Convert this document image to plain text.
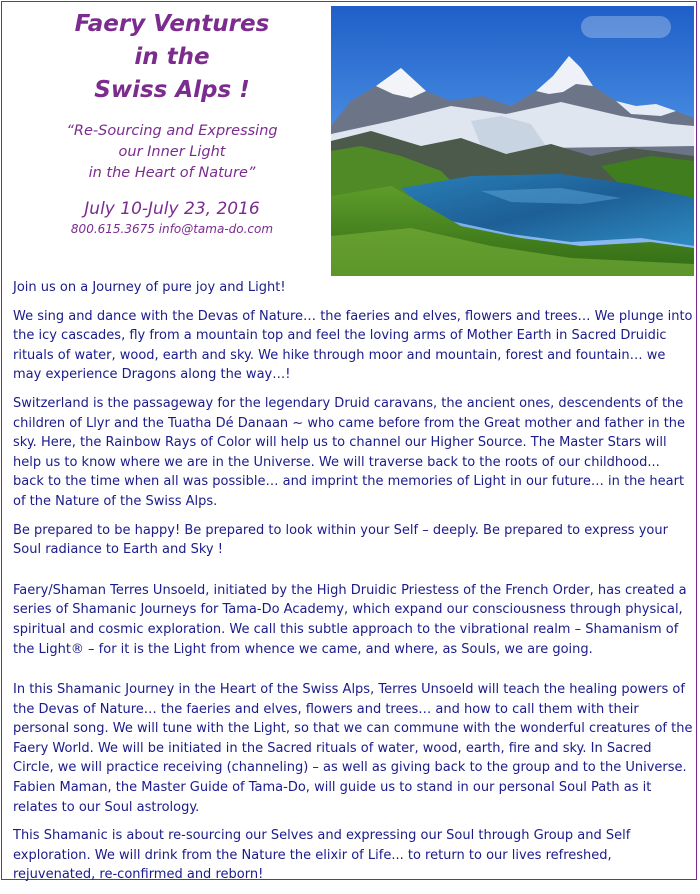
Faery Ventures
in the
Swiss Alps !
“Re-Sourcing and Expressing
our Inner Light
in the Heart of Nature”
July 10-July 23, 2016
800.615.3675 info@tama-do.com

Join us on a Journey of pure joy and Light!

We sing and dance with the Devas of Nature… the faeries and elves, flowers and trees… We plunge into the icy cascades, fly from a mountain top and feel the loving arms of Mother Earth in Sacred Druidic rituals of water, wood, earth and sky. We hike through moor and mountain, forest and fountain… we may experience Dragons along the way…!

Switzerland is the passageway for the legendary Druid caravans, the ancient ones, descendents of the children of Llyr and the Tuatha Dé Danaan ~ who came before from the Great mother and father in the sky. Here, the Rainbow Rays of Color will help us to channel our Higher Source. The Master Stars will help us to know where we are in the Universe. We will traverse back to the roots of our childhood... back to the time when all was possible… and imprint the memories of Light in our future… in the heart of the Nature of the Swiss Alps.

Be prepared to be happy! Be prepared to look within your Self – deeply. Be prepared to express your Soul radiance to Earth and Sky !

Faery/Shaman Terres Unsoeld, initiated by the High Druidic Priestess of the French Order, has created a series of Shamanic Journeys for Tama-Do Academy, which expand our consciousness through physical, spiritual and cosmic exploration. We call this subtle approach to the vibrational realm – Shamanism of the Light® – for it is the Light from whence we came, and where, as Souls, we are going.

In this Shamanic Journey in the Heart of the Swiss Alps, Terres Unsoeld will teach the healing powers of the Devas of Nature… the faeries and elves, flowers and trees… and how to call them with their personal song. We will tune with the Light, so that we can commune with the wonderful creatures of the Faery World. We will be initiated in the Sacred rituals of water, wood, earth, fire and sky. In Sacred Circle, we will practice receiving (channeling) – as well as giving back to the group and to the Universe. Fabien Maman, the Master Guide of Tama-Do, will guide us to stand in our personal Soul Path as it relates to our Soul astrology.

This Shamanic is about re-sourcing our Selves and expressing our Soul through Group and Self exploration. We will drink from the Nature the elixir of Life... to return to our lives refreshed, rejuvenated, re-confirmed and reborn!
